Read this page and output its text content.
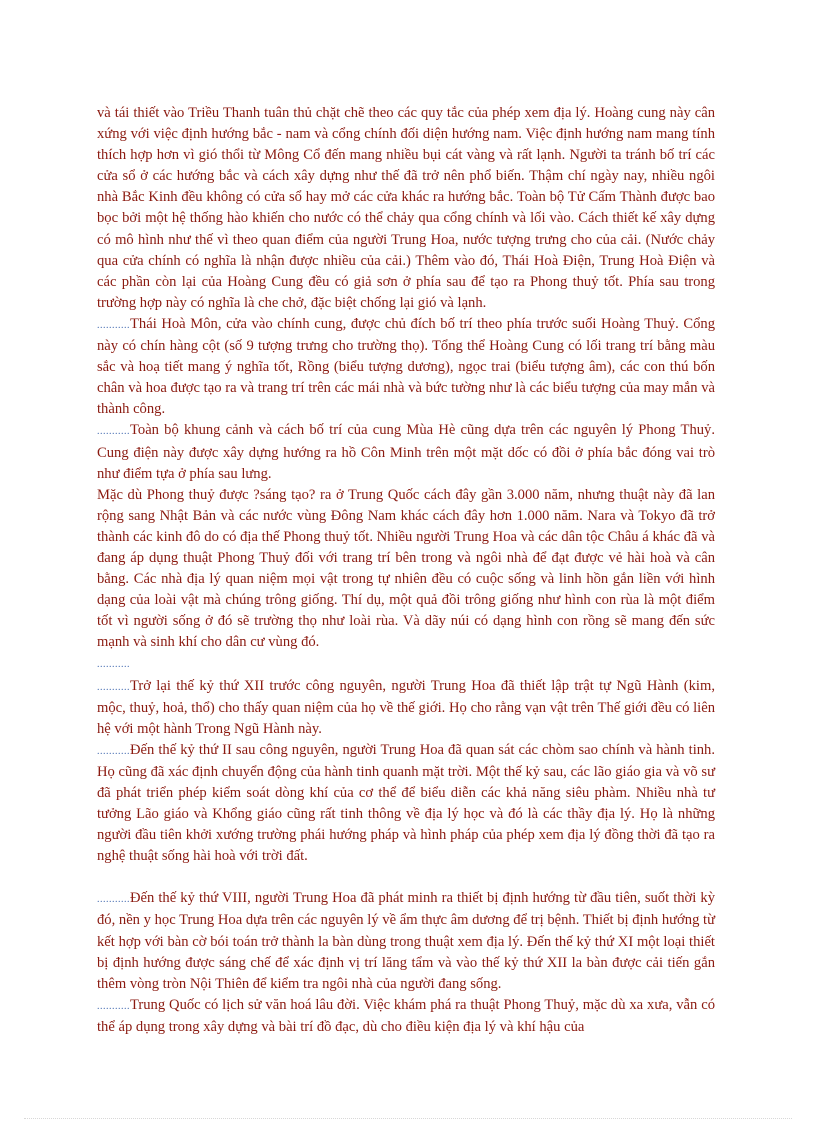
và tái thiết vào Triều Thanh tuân thủ chặt chẽ theo các quy tắc của phép xem địa lý. Hoàng cung này cân xứng với việc định hướng bắc - nam và cổng chính đối diện hướng nam. Việc định hướng nam mang tính thích hợp hơn vì gió thổi từ Mông Cổ đến mang nhiều bụi cát vàng và rất lạnh. Người ta tránh bố trí các cửa sổ ở các hướng bắc và cách xây dựng như thế đã trở nên phổ biến. Thậm chí ngày nay, nhiều ngôi nhà Bắc Kinh đều không có cửa sổ hay mở các cửa khác ra hướng bắc. Toàn bộ Tử Cấm Thành được bao bọc bởi một hệ thống hào khiến cho nước có thể chảy qua cổng chính và lối vào. Cách thiết kế xây dựng có mô hình như thế vì theo quan điểm của người Trung Hoa, nước tượng trưng cho của cải. (Nước chảy qua cửa chính có nghĩa là nhận được nhiều của cải.) Thêm vào đó, Thái Hoà Điện, Trung Hoà Điện và các phần còn lại của Hoàng Cung đều có giả sơn ở phía sau để tạo ra Phong thuỷ tốt. Phía sau trong trường hợp này có nghĩa là che chở, đặc biệt chống lại gió và lạnh.

...........Thái Hoà Môn, cửa vào chính cung, được chủ đích bố trí theo phía trước suối Hoàng Thuỷ. Cổng này có chín hàng cột (số 9 tượng trưng cho trường thọ). Tổng thể Hoàng Cung có lối trang trí bằng màu sắc và hoạ tiết mang ý nghĩa tốt, Rồng (biểu tượng dương), ngọc trai (biểu tượng âm), các con thú bốn chân và hoa được tạo ra và trang trí trên các mái nhà và bức tường như là các biểu tượng của may mắn và thành công.

...........Toàn bộ khung cảnh và cách bố trí của cung Mùa Hè cũng dựa trên các nguyên lý Phong Thuỷ. Cung điện này được xây dựng hướng ra hồ Côn Minh trên một mặt dốc có đồi ở phía bắc đóng vai trò như điểm tựa ở phía sau lưng.

Mặc dù Phong thuỷ được ?sáng tạo? ra ở Trung Quốc cách đây gần 3.000 năm, nhưng thuật này đã lan rộng sang Nhật Bản và các nước vùng Đông Nam khác cách đây hơn 1.000 năm. Nara và Tokyo đã trở thành các kinh đô do có địa thế Phong thuỷ tốt. Nhiều người Trung Hoa và các dân tộc Châu á khác đã và đang áp dụng thuật Phong Thuỷ đối với trang trí bên trong và ngôi nhà để đạt được vẻ hài hoà và cân bằng. Các nhà địa lý quan niệm mọi vật trong tự nhiên đều có cuộc sống và linh hồn gắn liền với hình dạng của loài vật mà chúng trông giống. Thí dụ, một quả đồi trông giống như hình con rùa là một điểm tốt vì người sống ở đó sẽ trường thọ như loài rùa. Và dãy núi có dạng hình con rồng sẽ mang đến sức mạnh và sinh khí cho dân cư vùng đó.

...........

...........Trở lại thế kỷ thứ XII trước công nguyên, người Trung Hoa đã thiết lập trật tự Ngũ Hành (kim, mộc, thuỷ, hoả, thổ) cho thấy quan niệm của họ về thế giới. Họ cho rằng vạn vật trên Thế giới đều có liên hệ với một hành Trong Ngũ Hành này.

...........Đến thế kỷ thứ II sau công nguyên, người Trung Hoa đã quan sát các chòm sao chính và hành tinh. Họ cũng đã xác định chuyển động của hành tinh quanh mặt trời. Một thế kỷ sau, các lão giáo gia và võ sư đã phát triển phép kiểm soát dòng khí của cơ thể để biểu diễn các khả năng siêu phàm. Nhiều nhà tư tưởng Lão giáo và Khổng giáo cũng rất tinh thông về địa lý học và đó là các thầy địa lý. Họ là những người đầu tiên khởi xướng trường phái hướng pháp và hình pháp của phép xem địa lý đồng thời đã tạo ra nghệ thuật sống hài hoà với trời đất.

...........Đến thế kỷ thứ VIII, người Trung Hoa đã phát minh ra thiết bị định hướng từ đầu tiên, suốt thời kỳ đó, nền y học Trung Hoa dựa trên các nguyên lý về ẩm thực âm dương để trị bệnh. Thiết bị định hướng từ kết hợp với bàn cờ bói toán trở thành la bàn dùng trong thuật xem địa lý. Đến thế kỷ thứ XI một loại thiết bị định hướng được sáng chế để xác định vị trí lăng tẩm và vào thế kỷ thứ XII la bàn được cải tiến gắn thêm vòng tròn Nội Thiên để kiểm tra ngôi nhà của người đang sống.

...........Trung Quốc có lịch sử văn hoá lâu đời. Việc khám phá ra thuật Phong Thuỷ, mặc dù xa xưa, vẫn có thể áp dụng trong xây dựng và bài trí đồ đạc, dù cho điều kiện địa lý và khí hậu của
